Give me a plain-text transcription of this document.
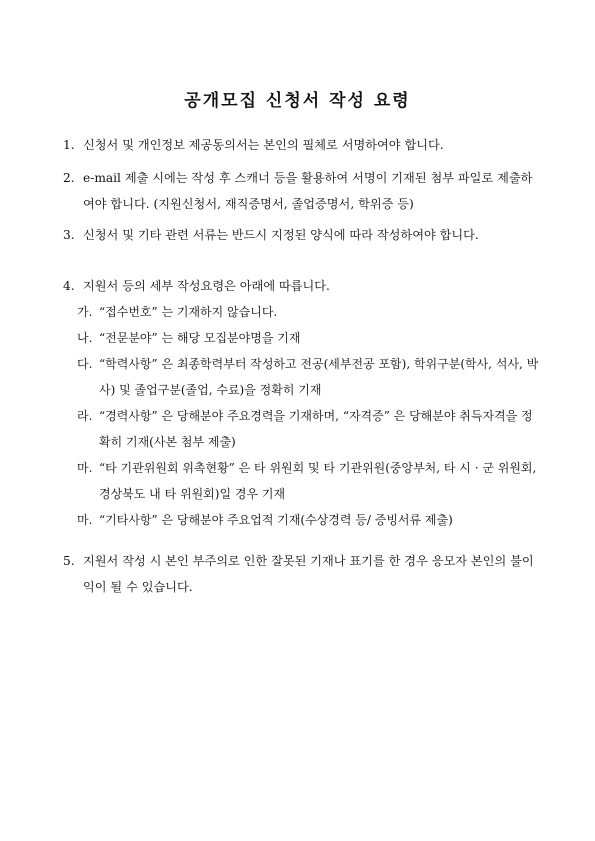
공개모집 신청서 작성 요령
1. 신청서 및 개인정보 제공동의서는 본인의 필체로 서명하여야 합니다.
2. e-mail 제출 시에는 작성 후 스캐너 등을 활용하여 서명이 기재된 첨부 파일로 제출하여야 합니다. (지원신청서, 재직증명서, 졸업증명서, 학위증 등)
3. 신청서 및 기타 관련 서류는 반드시 지정된 양식에 따라 작성하여야 합니다.
4. 지원서 등의 세부 작성요령은 아래에 따릅니다.
가. “접수번호” 는 기재하지 않습니다.
나. “전문분야” 는 해당 모집분야명을 기재
다. “학력사항” 은 최종학력부터 작성하고 전공(세부전공 포함), 학위구분(학사, 석사, 박사) 및 졸업구분(졸업, 수료)을 정확히 기재
라. “경력사항” 은 당해분야 주요경력을 기재하며, “자격증” 은 당해분야 취득자격을 정확히 기재(사본 첨부 제출)
마. “타 기관위원회 위촉현황” 은 타 위원회 및 타 기관위원(중앙부처, 타 시 · 군 위원회, 경상북도 내 타 위원회)일 경우 기재
마. “기타사항” 은 당해분야 주요업적 기재(수상경력 등/ 증빙서류 제출)
5. 지원서 작성 시 본인 부주의로 인한 잘못된 기재나 표기를 한 경우 응모자 본인의 불이익이 될 수 있습니다.
